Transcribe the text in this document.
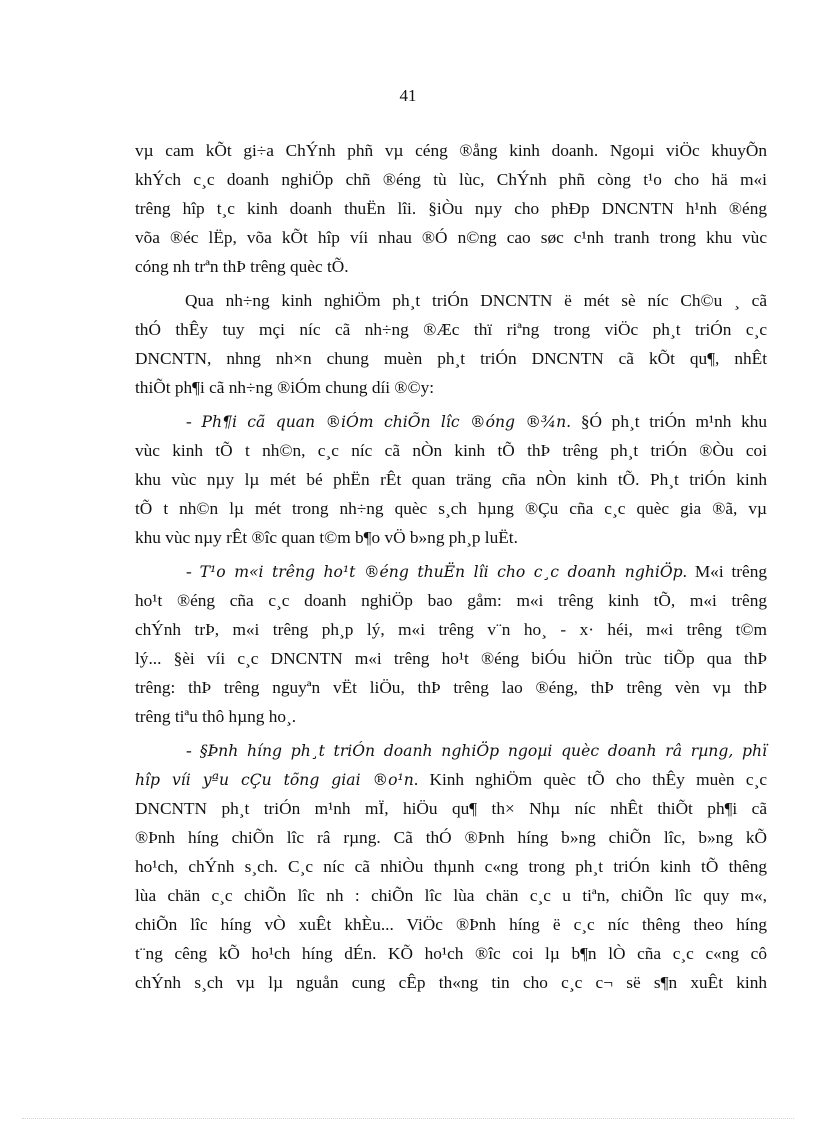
41
vµ cam kÕt gi÷a ChÝnh phñ vµ céng ®ång kinh doanh. Ngoµi viÖc khuyÕn
khÝch c¸c doanh nghiÖp chñ ®éng tù lùc, ChÝnh phñ còng t¹o cho hä m«i
trêng hîp t¸c kinh doanh thuËn lîi. §iÒu nµy cho phÐp DNCNTN h¹nh ®éng
võa ®éc lËp, võa kÕt hîp víi nhau ®Ó n©ng cao søc c¹nh tranh trong khu vùc
cóng nh trªn thÞ trêng quèc tÕ.
Qua nh÷ng kinh nghiÖm ph¸t triÓn DNCNTN ë mét sè níc Ch©u ¸ cã
thÓ thÊy tuy mçi níc cã nh÷ng ®Æc thï riªng trong viÖc ph¸t triÓn c¸c
DNCNTN, nhng nh×n chung muèn ph¸t triÓn DNCNTN cã kÕt qu¶, nhÊt
thiÕt ph¶i cã nh÷ng ®iÓm chung díi ®©y:
- Ph¶i cã quan ®iÓm chiÕn lîc ®óng ®¾n. §Ó ph¸t triÓn m¹nh khu
vùc kinh tÕ t nh©n, c¸c níc cã nÒn kinh tÕ thÞ trêng ph¸t triÓn ®Òu coi
khu vùc nµy lµ mét bé phËn rÊt quan träng cña nÒn kinh tÕ. Ph¸t triÓn kinh
tÕ t nh©n lµ mét trong nh÷ng quèc s¸ch hµng ®Çu cña c¸c quèc gia ®ã, vµ
khu vùc nµy rÊt ®îc quan t©m b¶o vÖ b»ng ph¸p luËt.
- T¹o m«i trêng ho¹t ®éng thuËn lîi cho c¸c doanh nghiÖp. M«i trêng
ho¹t ®éng cña c¸c doanh nghiÖp bao gåm: m«i trêng kinh tÕ, m«i trêng
chÝnh trÞ, m«i trêng ph¸p lý, m«i trêng v¨n ho¸ - x· héi, m«i trêng t©m
lý... §èi víi c¸c DNCNTN m«i trêng ho¹t ®éng biÓu hiÖn trùc tiÕp qua thÞ
trêng: thÞ trêng nguyªn vËt liÖu, thÞ trêng lao ®éng, thÞ trêng vèn vµ thÞ
trêng tiªu thô hµng ho¸.
- §Þnh híng ph¸t triÓn doanh nghiÖp ngoµi quèc doanh râ rµng, phï
hîp víi yªu cÇu tõng giai ®o¹n. Kinh nghiÖm quèc tÕ cho thÊy muèn c¸c
DNCNTN ph¸t triÓn m¹nh mÏ, hiÖu qu¶ th× Nhµ níc nhÊt thiÕt ph¶i cã
®Þnh híng chiÕn lîc râ rµng. Cã thÓ ®Þnh híng b»ng chiÕn lîc, b»ng kÕ
ho¹ch, chÝnh s¸ch. C¸c níc cã nhiÒu thµnh c«ng trong ph¸t triÓn kinh tÕ thêng
lùa chän c¸c chiÕn lîc nh : chiÕn lîc lùa chän c¸c u tiªn, chiÕn lîc quy m«,
chiÕn lîc híng vÒ xuÊt khÈu... ViÖc ®Þnh híng ë c¸c níc thêng theo híng
t¨ng cêng kÕ ho¹ch híng dÉn. KÕ ho¹ch ®îc coi lµ b¶n lÒ cña c¸c c«ng cô
chÝnh s¸ch vµ lµ nguån cung cÊp th«ng tin cho c¸c c¬ së s¶n xuÊt kinh
